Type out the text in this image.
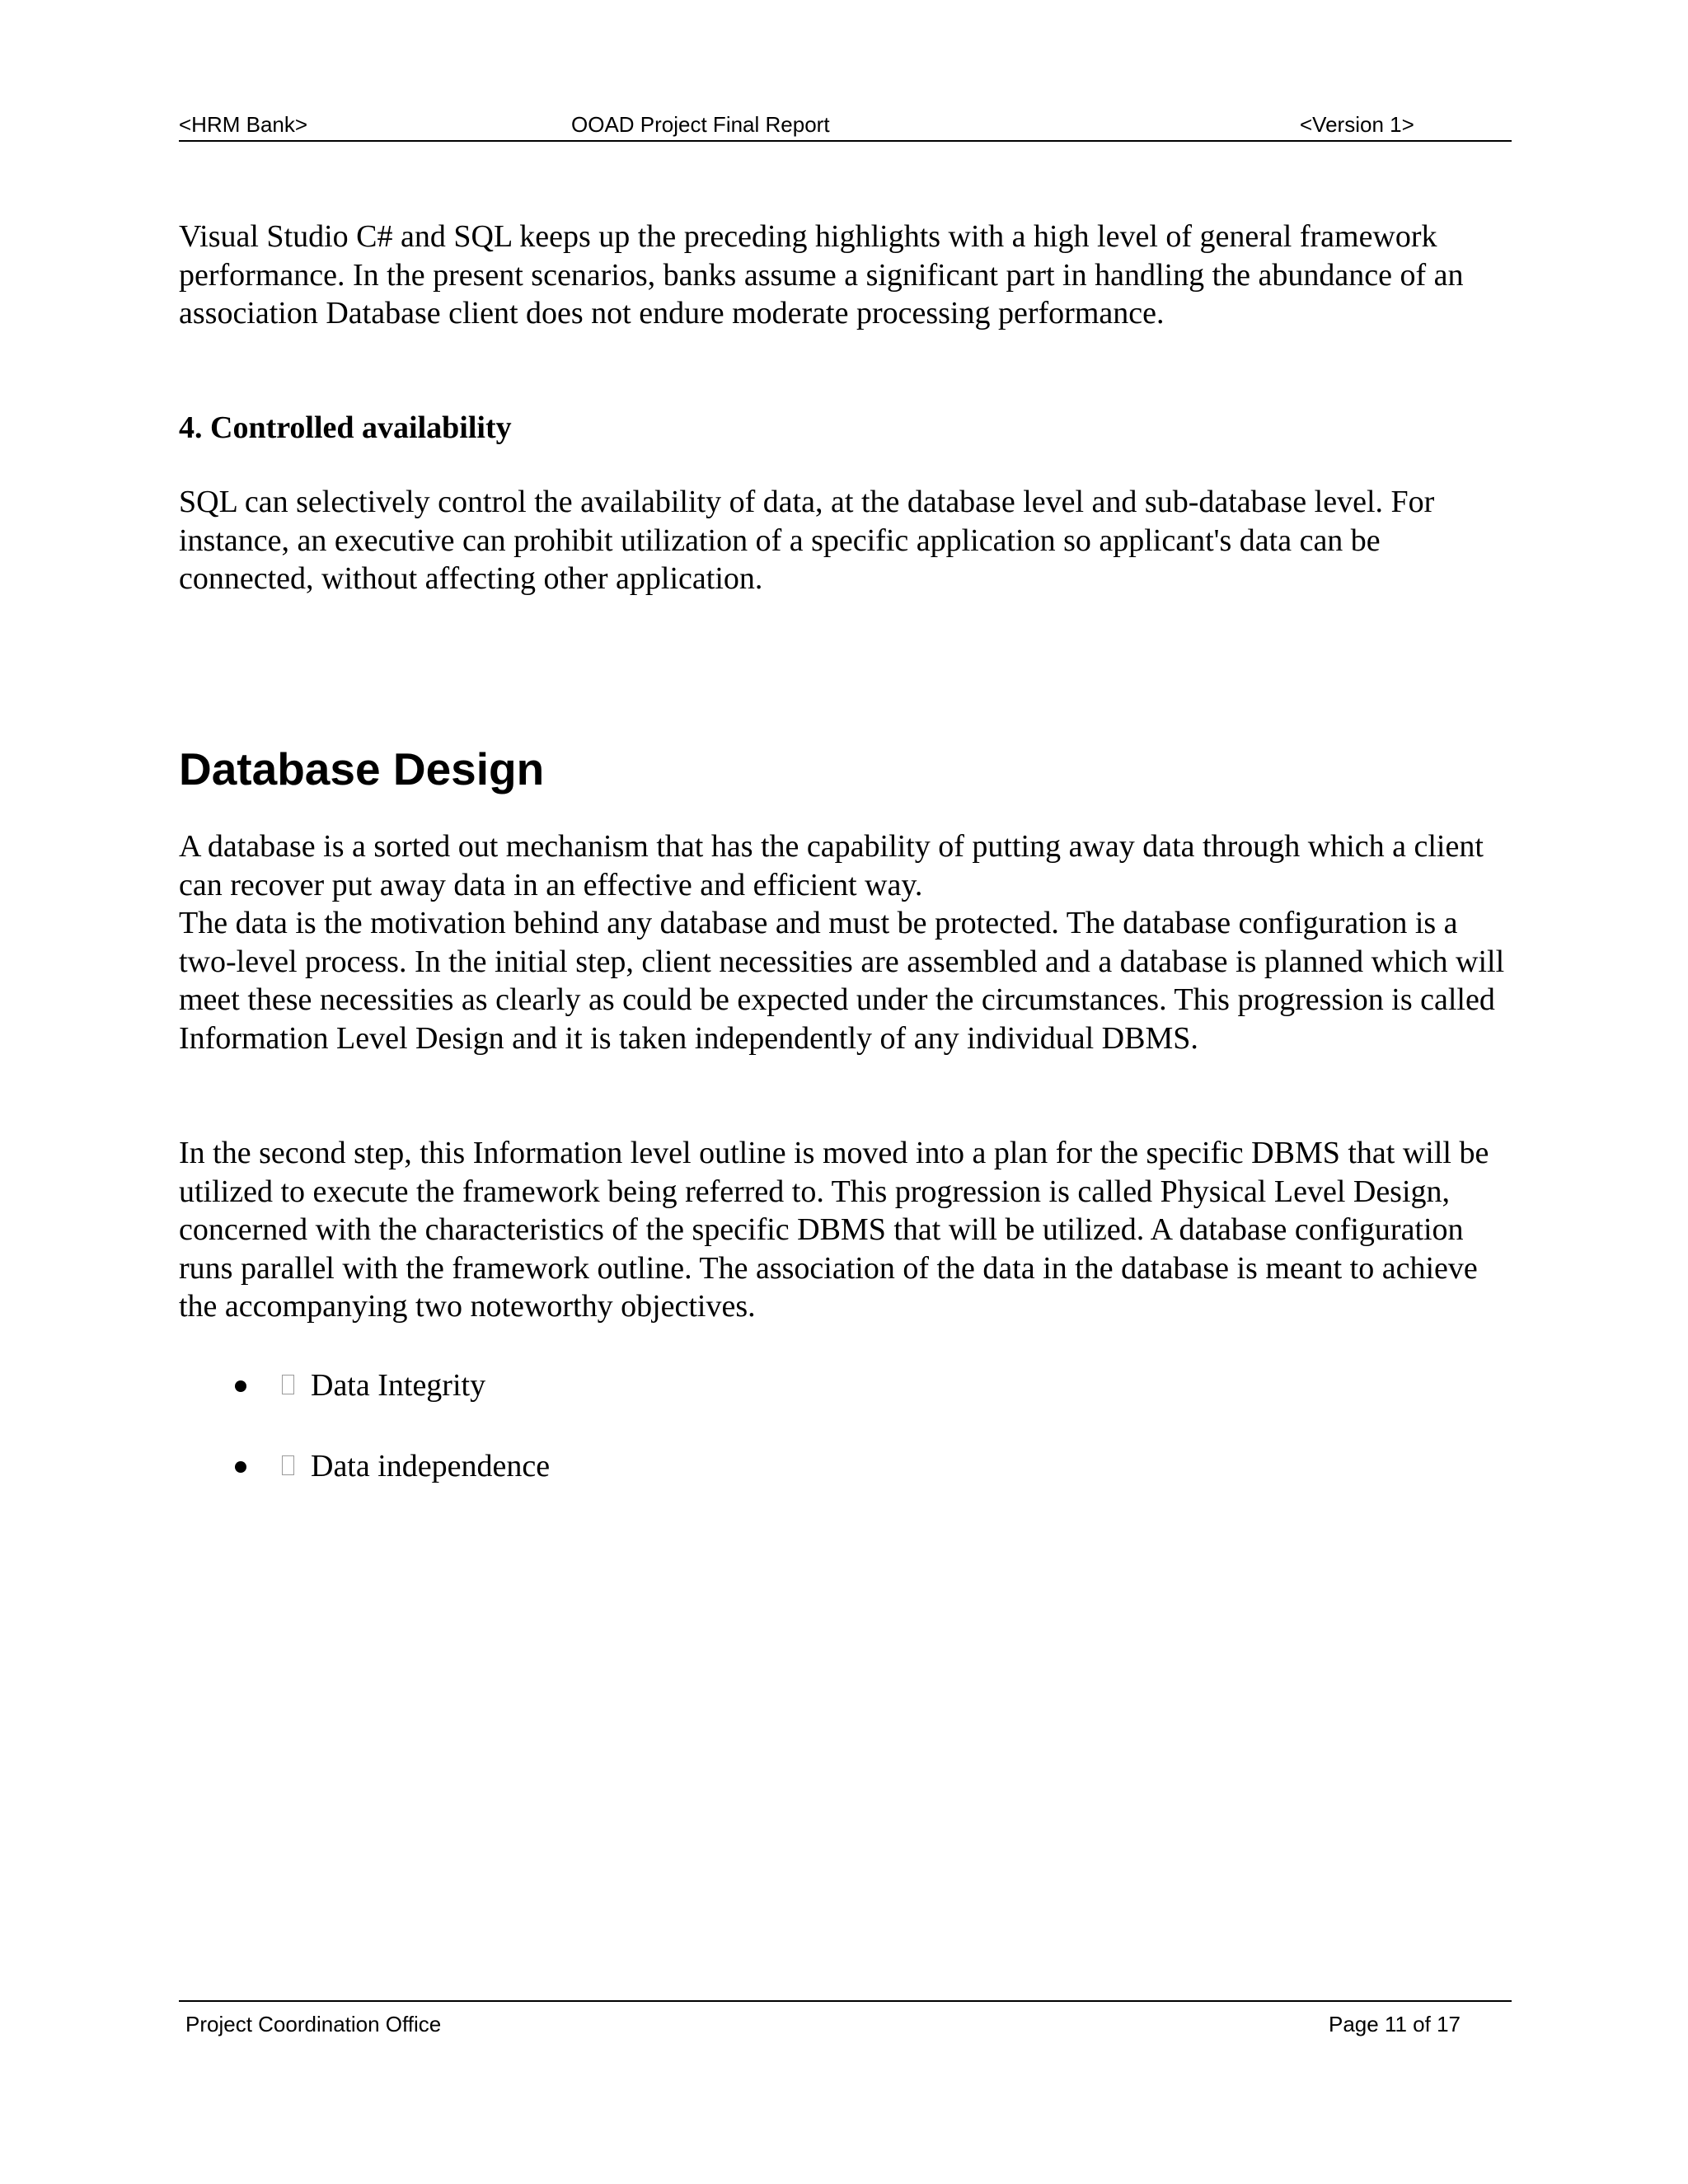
<HRM Bank>	OOAD Project Final Report	<Version 1>

Visual Studio C# and SQL keeps up the preceding highlights with a high level of general framework performance. In the present scenarios, banks assume a significant part in handling the abundance of an association Database client does not endure moderate processing performance.

4. Controlled availability

SQL can selectively control the availability of data, at the database level and sub-database level. For instance, an executive can prohibit utilization of a specific application so applicant's data can be connected, without affecting other application.

Database Design

A database is a sorted out mechanism that has the capability of putting away data through which a client can recover put away data in an effective and efficient way.

The data is the motivation behind any database and must be protected. The database configuration is a two-level process. In the initial step, client necessities are assembled and a database is planned which will meet these necessities as clearly as could be expected under the circumstances. This progression is called Information Level Design and it is taken independently of any individual DBMS.

In the second step, this Information level outline is moved into a plan for the specific DBMS that will be utilized to execute the framework being referred to. This progression is called Physical Level Design, concerned with the characteristics of the specific DBMS that will be utilized. A database configuration runs parallel with the framework outline. The association of the data in the database is meant to achieve the accompanying two noteworthy objectives.

Data Integrity
Data independence
Project Coordination Office	Page 11 of 17
